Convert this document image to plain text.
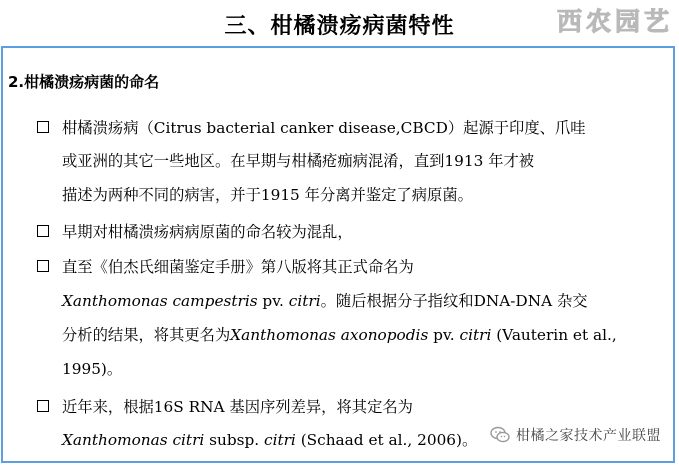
三、柑橘溃疡病菌特性	西农园艺
2.柑橘溃疡病菌的命名
柑橘溃疡病（Citrus bacterial canker disease,CBCD）起源于印度、爪哇
或亚洲的其它一些地区。在早期与柑橘疮痂病混淆，直到1913 年才被
描述为两种不同的病害，并于1915 年分离并鉴定了病原菌。
早期对柑橘溃疡病病原菌的命名较为混乱，
直至《伯杰氏细菌鉴定手册》第八版将其正式命名为
Xanthomonas campestris pv. citri。随后根据分子指纹和DNA-DNA 杂交
分析的结果，将其更名为Xanthomonas axonopodis pv. citri (Vauterin et al.,
1995)。
近年来，根据16S RNA 基因序列差异，将其定名为
Xanthomonas citri subsp. citri (Schaad et al., 2006)。	柑橘之家技术产业联盟
